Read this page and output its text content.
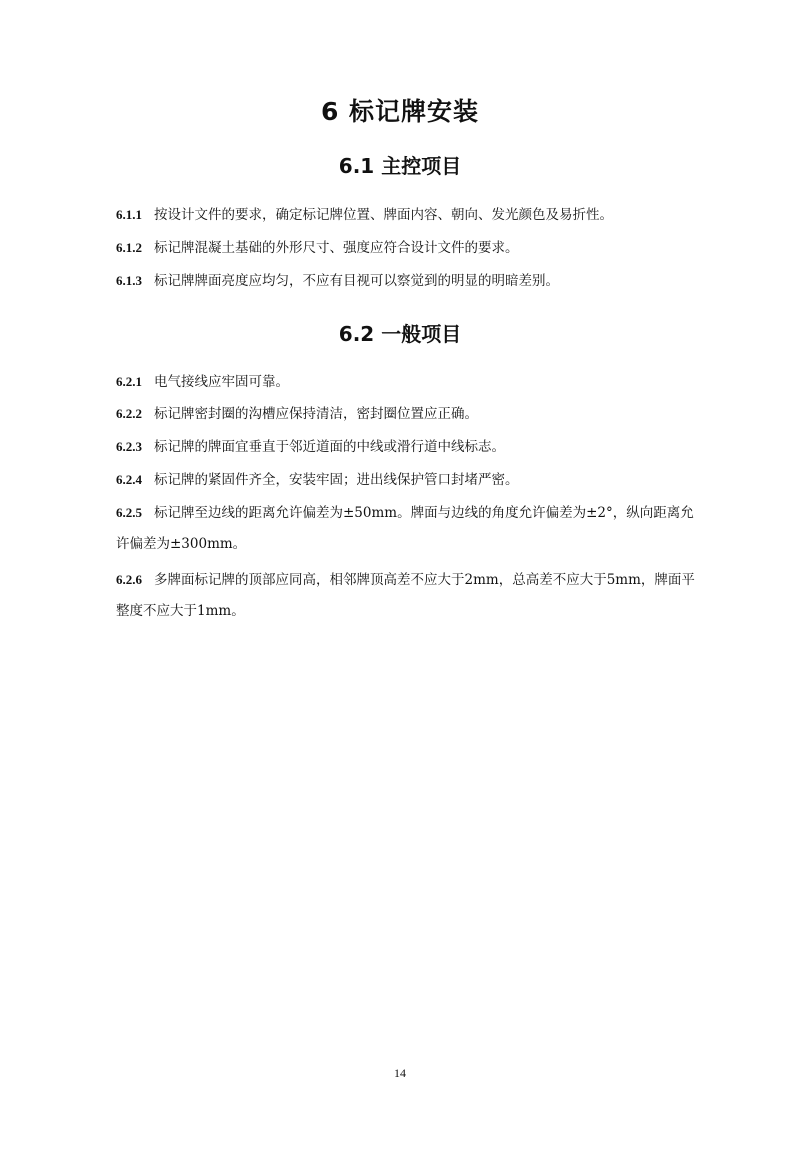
6 标记牌安装
6.1 主控项目

6.1.1 按设计文件的要求，确定标记牌位置、牌面内容、朝向、发光颜色及易折性。

6.1.2 标记牌混凝土基础的外形尺寸、强度应符合设计文件的要求。

6.1.3 标记牌牌面亮度应均匀，不应有目视可以察觉到的明显的明暗差别。

6.2 一般项目

6.2.1 电气接线应牢固可靠。

6.2.2 标记牌密封圈的沟槽应保持清洁，密封圈位置应正确。

6.2.3 标记牌的牌面宜垂直于邻近道面的中线或滑行道中线标志。

6.2.4 标记牌的紧固件齐全，安装牢固；进出线保护管口封堵严密。

6.2.5 标记牌至边线的距离允许偏差为±50mm。牌面与边线的角度允许偏差为±2°，纵向距离允许偏差为±300mm。

6.2.6 多牌面标记牌的顶部应同高，相邻牌顶高差不应大于2mm，总高差不应大于5mm，牌面平整度不应大于1mm。

14
